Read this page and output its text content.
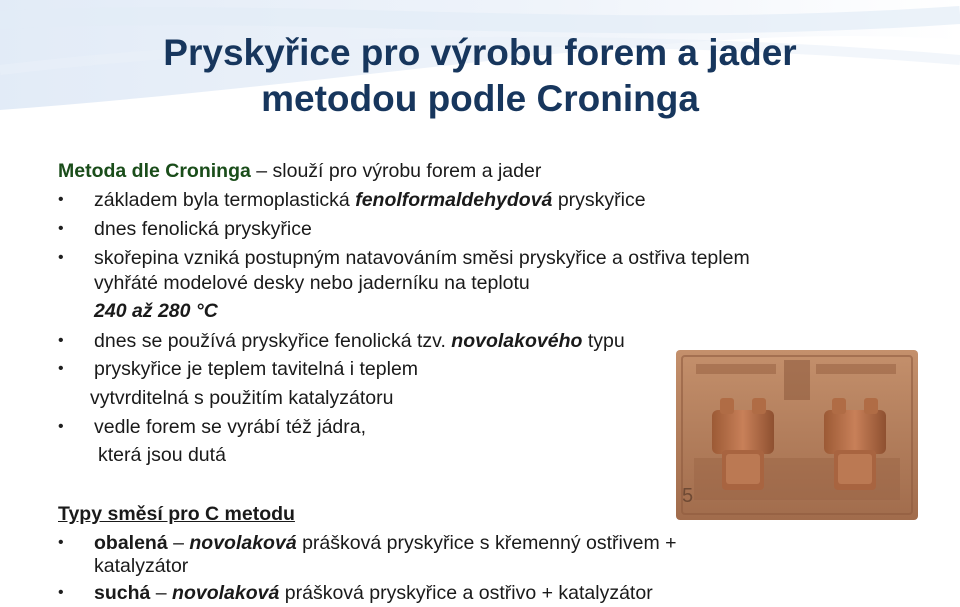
Pryskyřice pro výrobu forem a jader
metodou podle Croninga
Metoda dle Croninga – slouží pro výrobu forem a jader
• základem byla termoplastická fenolformaldehydová pryskyřice
• dnes fenolická pryskyřice
• skořepina vzniká postupným natavováním směsi pryskyřice a ostřiva teplem
vyhřáté modelové desky nebo jaderníku na teplotu
240 až 280 °C
• dnes se používá pryskyřice fenolická tzv. novolakového typu
• pryskyřice je teplem tavitelná i teplem
vytvrditelná s použitím katalyzátoru
• vedle forem se vyrábí též jádra,
která jsou dutá
5
Typy směsí pro C metodu
• obalená – novolaková prášková pryskyřice s křemenný ostřivem +
katalyzátor
• suchá – novolaková prášková pryskyřice a ostřivo + katalyzátor
